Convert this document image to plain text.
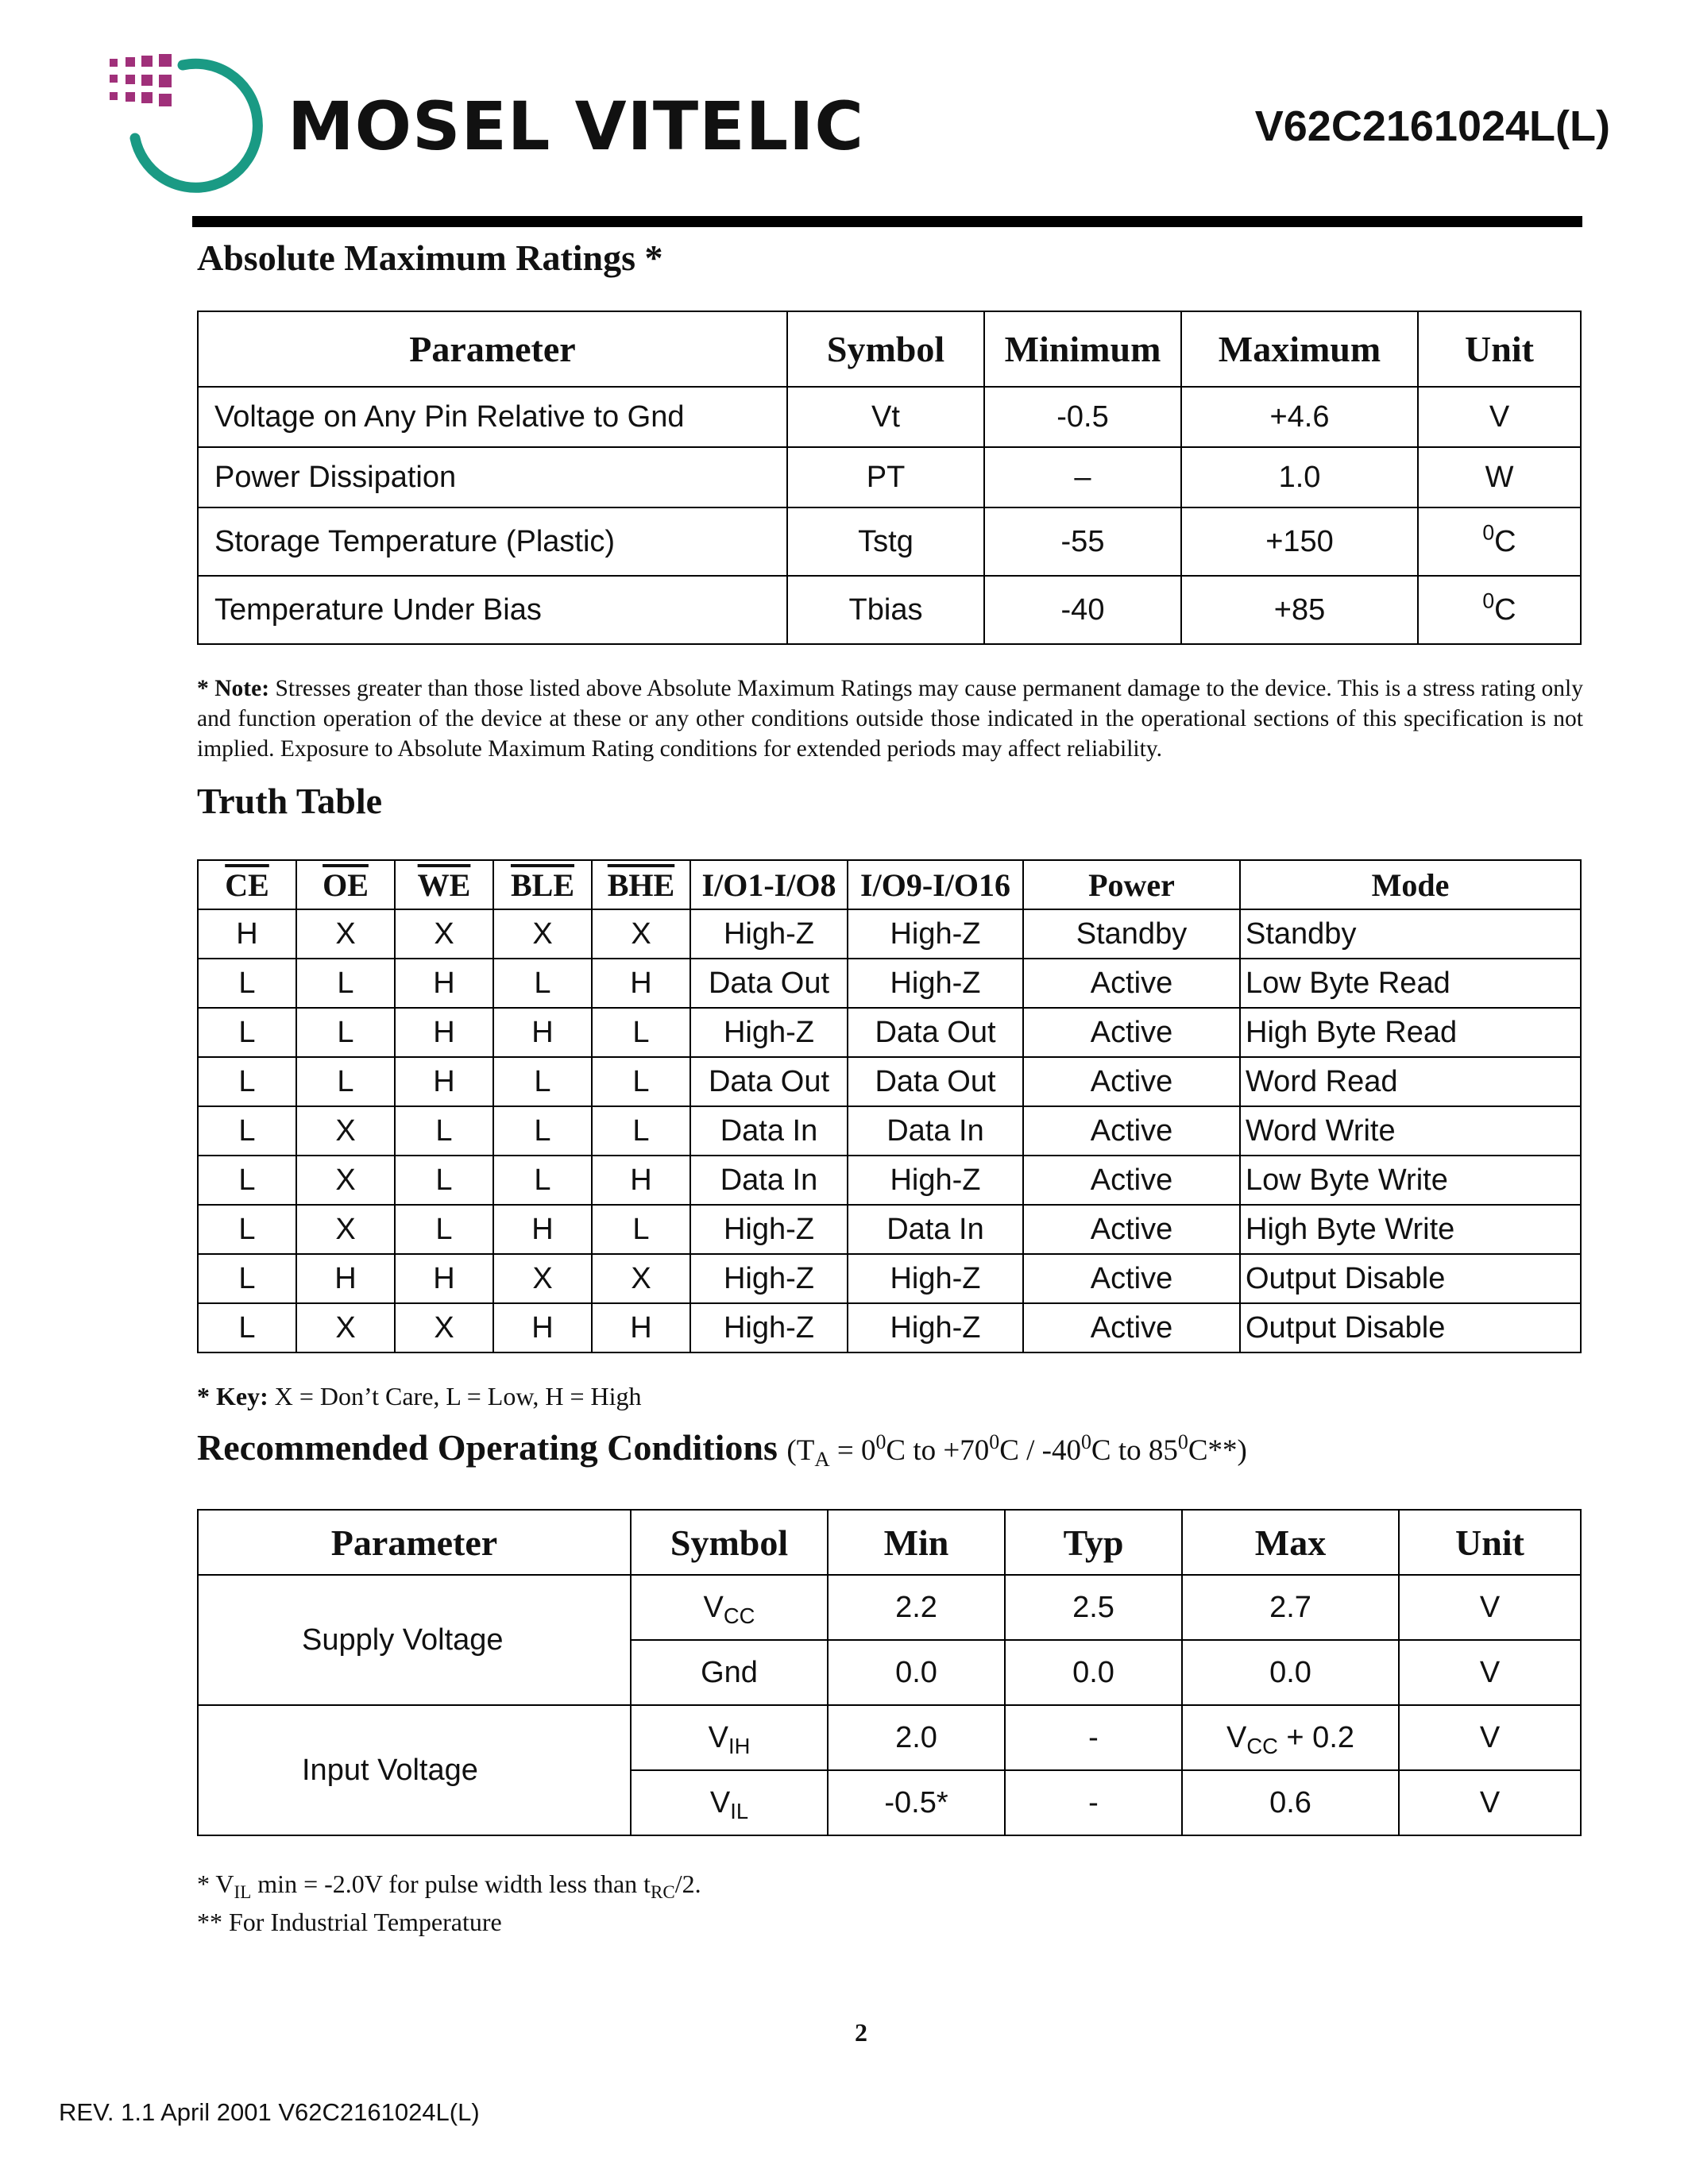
MOSEL VITELIC	V62C2161024L(L)
Absolute Maximum Ratings *
Parameter	Symbol	Minimum	Maximum	Unit
Voltage on Any Pin Relative to Gnd	Vt	-0.5	+4.6	V
Power Dissipation	PT	–	1.0	W
Storage Temperature (Plastic)	Tstg	-55	+150	$^0$C
Temperature Under Bias	Tbias	-40	+85	$^0$C
* Note: Stresses greater than those listed above Absolute Maximum Ratings may cause permanent damage to the device. This is a stress rating only and function operation of the device at these or any other conditions outside those indicated in the operational sections of this specification is not implied. Exposure to Absolute Maximum Rating conditions for extended periods may affect reliability.
Truth Table
$\overline{CE}$	$\overline{OE}$	$\overline{WE}$	$\overline{BLE}$	$\overline{BHE}$	I/O1-I/O8	I/O9-I/O16	Power	Mode
H	X	X	X	X	High-Z	High-Z	Standby	Standby
L	L	H	L	H	Data Out	High-Z	Active	Low Byte Read
L	L	H	H	L	High-Z	Data Out	Active	High Byte Read
L	L	H	L	L	Data Out	Data Out	Active	Word Read
L	X	L	L	L	Data In	Data In	Active	Word Write
L	X	L	L	H	Data In	High-Z	Active	Low Byte Write
L	X	L	H	L	High-Z	Data In	Active	High Byte Write
L	H	H	X	X	High-Z	High-Z	Active	Output Disable
L	X	X	H	H	High-Z	High-Z	Active	Output Disable
* Key: X = Don’t Care, L = Low, H = High
Recommended Operating Conditions ($T_A = 0^0C$ to $+70^0C / -40^0C$ to $85^0C**$)
Parameter	Symbol	Min	Typ	Max	Unit
Supply Voltage	$V_{CC}$	2.2	2.5	2.7	V
	Gnd	0.0	0.0	0.0	V
Input Voltage	$V_{IH}$	2.0	-	$V_{CC} + 0.2$	V
	$V_{IL}$	-0.5*	-	0.6	V
* $V_{IL}$ min = -2.0V for pulse width less than $t_{RC}/2$.
** For Industrial Temperature
2
REV. 1.1 April 2001 V62C2161024L(L)
